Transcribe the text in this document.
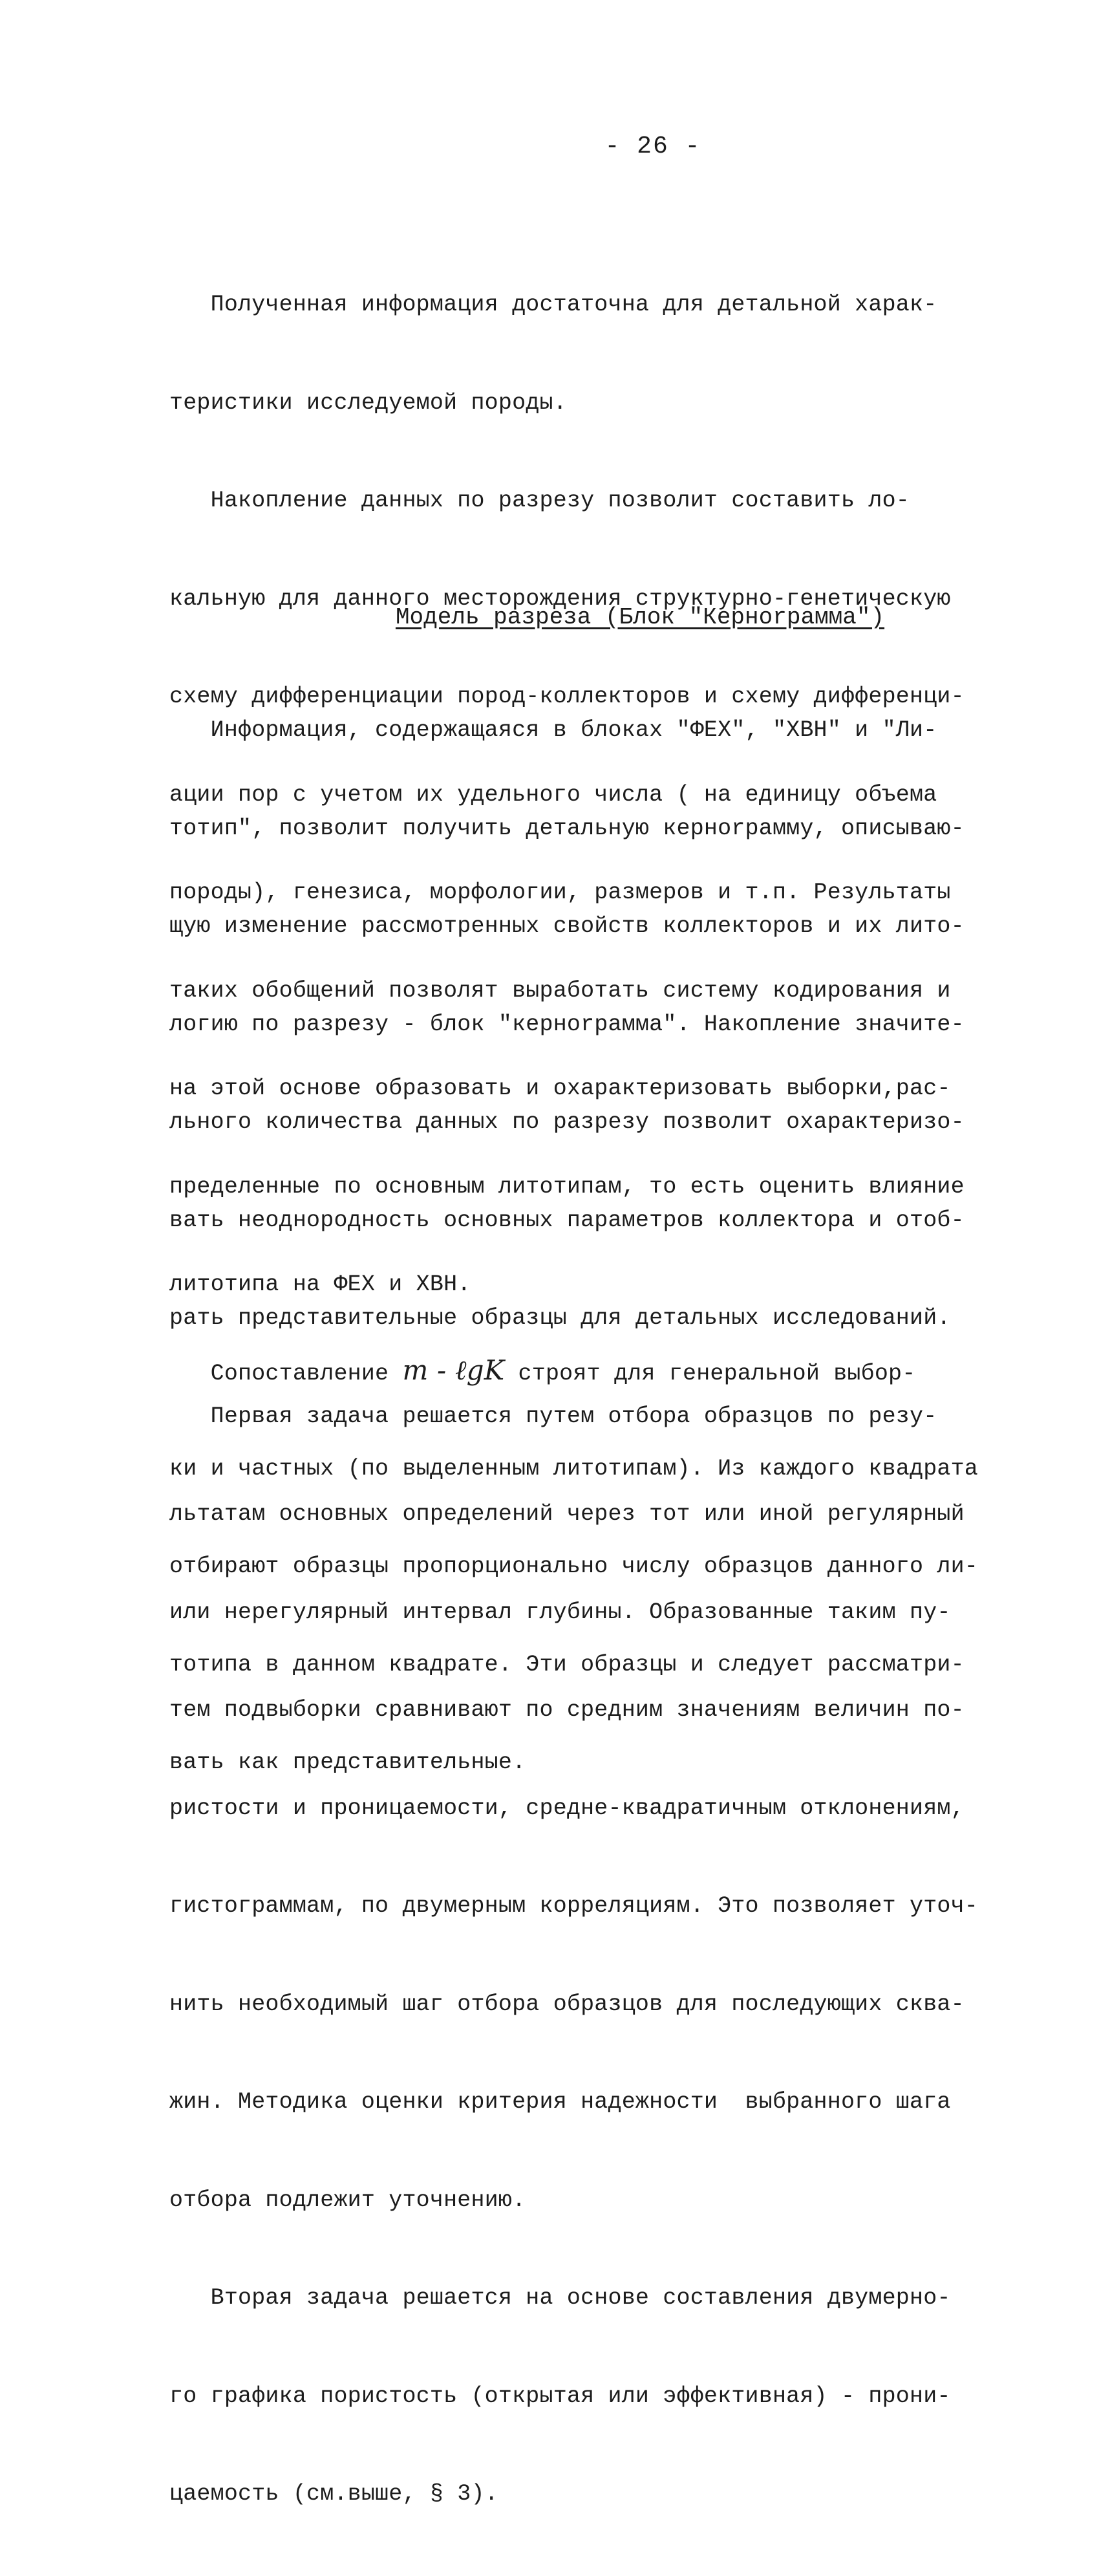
- 26 -

Полученная информация достаточна для детальной харак-

теристики исследуемой породы.

Накопление данных по разрезу позволит составить ло-

кальную для данного месторождения структурно-генетическую

схему дифференциации пород-коллекторов и схему дифференци-

ации пор с учетом их удельного числа ( на единицу объема

породы), генезиса, морфологии, размеров и т.п. Результаты

таких обобщений позволят выработать систему кодирования и

на этой основе образовать и охарактеризовать выборки,рас-

пределенные по основным литотипам, то есть оценить влияние

литотипа на ФЕХ и ХВН.

Модель разреза (Блок "Керноrрамма")

Информация, содержащаяся в блоках "ФЕХ", "ХВН" и "Ли-

тотип", позволит получить детальную керноrрамму, описываю-

щую изменение рассмотренных свойств коллекторов и их лито-

логию по разрезу - блок "керноrрамма". Накопление значите-

льного количества данных по разрезу позволит охарактеризо-

вать неоднородность основных параметров коллектора и отоб-

рать представительные образцы для детальных исследований.

Первая задача решается путем отбора образцов по резу-

льтатам основных определений через тот или иной регулярный

или нерегулярный интервал глубины. Образованные таким пу-

тем подвыборки сравнивают по средним значениям величин по-

ристости и проницаемости, средне-квадратичным отклонениям,

гистограммам, по двумерным корреляциям. Это позволяет уточ-

нить необходимый шаг отбора образцов для последующих сква-

жин. Методика оценки критерия надежности  выбранного шага

отбора подлежит уточнению.

Вторая задача решается на основе составления двумерно-

го графика пористость (открытая или эффективная) - прони-

цаемость (см.выше, § 3).

Сопоставление m - ℓgK строят для генеральной выбор-

ки и частных (по выделенным литотипам). Из каждого квадрата

отбирают образцы пропорционально числу образцов данного ли-

тотипа в данном квадрате. Эти образцы и следует рассматри-

вать как представительные.
